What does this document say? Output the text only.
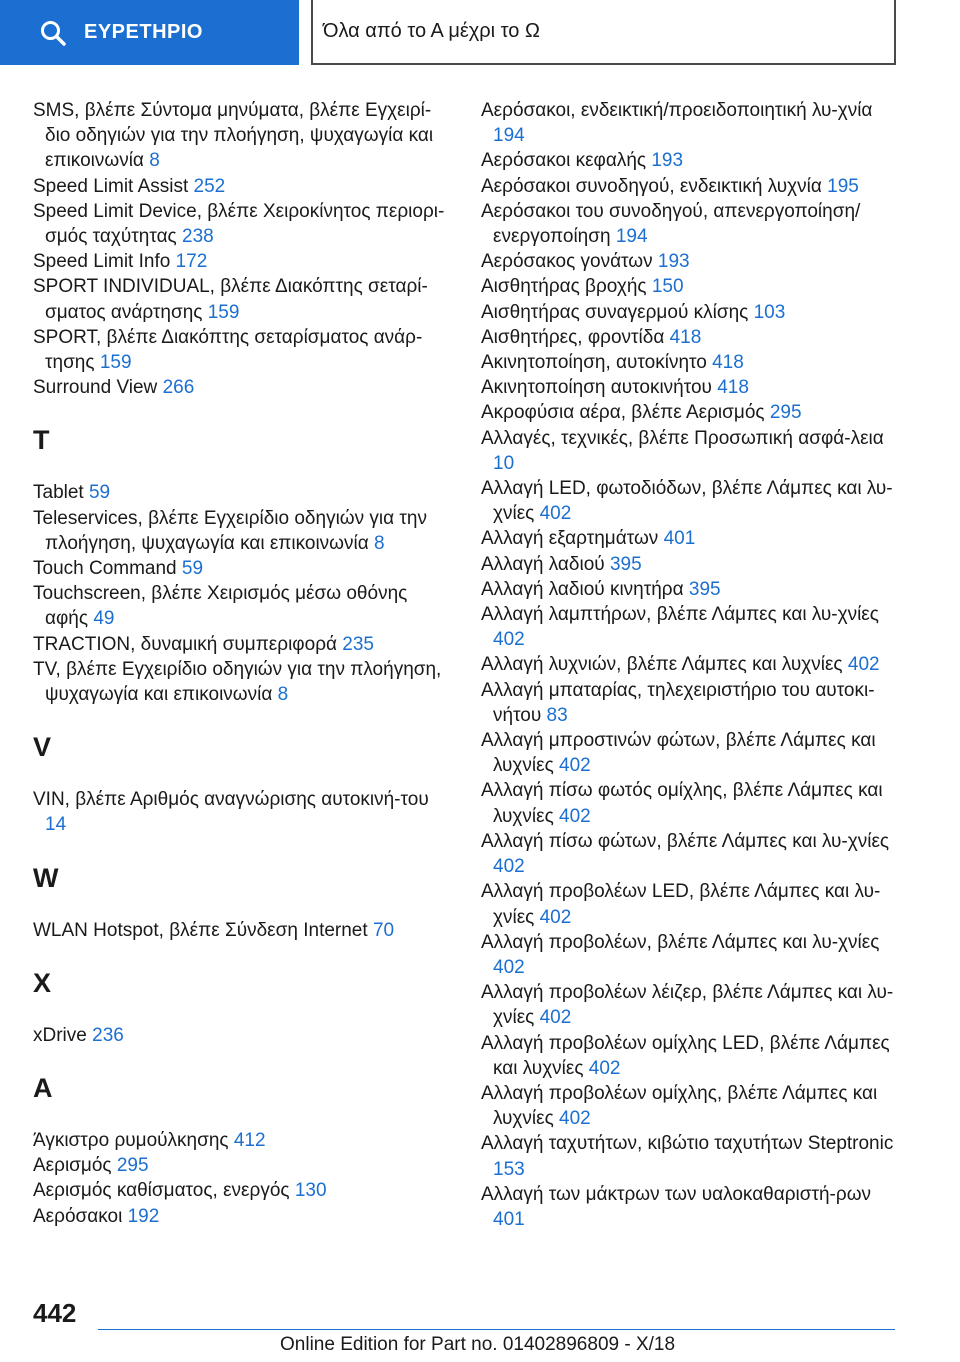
ΕΥΡΕΤΗΡΙΟ	Όλα από το Α μέχρι το Ω
SMS, βλέπε Σύντομα μηνύματα, βλέπε Εγχειρί‐​διο οδηγιών για την πλοήγηση, ψυχαγωγία και επικοινωνία 8
Speed Limit Assist 252
Speed Limit Device, βλέπε Χειροκίνητος περιορι‐​σμός ταχύτητας 238
Speed Limit Info 172
SPORT INDIVIDUAL, βλέπε Διακόπτης σεταρί‐​σματος ανάρτησης 159
SPORT, βλέπε Διακόπτης σεταρίσματος ανάρ‐​τησης 159
Surround View 266
T
Tablet 59
Teleservices, βλέπε Εγχειρίδιο οδηγιών για την πλοήγηση, ψυχαγωγία και επικοινωνία 8
Touch Command 59
Touchscreen, βλέπε Χειρισμός μέσω οθόνης αφής 49
TRACTION, δυναμική συμπεριφορά 235
TV, βλέπε Εγχειρίδιο οδηγιών για την πλοήγηση, ψυχαγωγία και επικοινωνία 8
V
VIN, βλέπε Αριθμός αναγνώρισης αυτοκινή‐​του 14
W
WLAN Hotspot, βλέπε Σύνδεση Internet 70
X
xDrive 236
A
Άγκιστρο ρυμούλκησης 412
Αερισμός 295
Αερισμός καθίσματος, ενεργός 130
Αερόσακοι 192
Αερόσακοι, ενδεικτική/προειδοποιητική λυ‐​χνία 194
Αερόσακοι κεφαλής 193
Αερόσακοι συνοδηγού, ενδεικτική λυχνία 195
Αερόσακοι του συνοδηγού, απενεργοποίηση/​ενεργοποίηση 194
Αερόσακος γονάτων 193
Αισθητήρας βροχής 150
Αισθητήρας συναγερμού κλίσης 103
Αισθητήρες, φροντίδα 418
Ακινητοποίηση, αυτοκίνητο 418
Ακινητοποίηση αυτοκινήτου 418
Ακροφύσια αέρα, βλέπε Αερισμός 295
Αλλαγές, τεχνικές, βλέπε Προσωπική ασφά‐​λεια 10
Αλλαγή LED, φωτοδιόδων, βλέπε Λάμπες και λυ‐​χνίες 402
Αλλαγή εξαρτημάτων 401
Αλλαγή λαδιού 395
Αλλαγή λαδιού κινητήρα 395
Αλλαγή λαμπτήρων, βλέπε Λάμπες και λυ‐​χνίες 402
Αλλαγή λυχνιών, βλέπε Λάμπες και λυχνίες 402
Αλλαγή μπαταρίας, τηλεχειριστήριο του αυτοκι‐​νήτου 83
Αλλαγή μπροστινών φώτων, βλέπε Λάμπες και λυχνίες 402
Αλλαγή πίσω φωτός ομίχλης, βλέπε Λάμπες και λυχνίες 402
Αλλαγή πίσω φώτων, βλέπε Λάμπες και λυ‐​χνίες 402
Αλλαγή προβολέων LED, βλέπε Λάμπες και λυ‐​χνίες 402
Αλλαγή προβολέων, βλέπε Λάμπες και λυ‐​χνίες 402
Αλλαγή προβολέων λέιζερ, βλέπε Λάμπες και λυ‐​χνίες 402
Αλλαγή προβολέων ομίχλης LED, βλέπε Λάμπες και λυχνίες 402
Αλλαγή προβολέων ομίχλης, βλέπε Λάμπες και λυχνίες 402
Αλλαγή ταχυτήτων, κιβώτιο ταχυτήτων Steptronic 153
Αλλαγή των μάκτρων των υαλοκαθαριστή‐​ρων 401
442
Online Edition for Part no. 01402896809 - X/18
